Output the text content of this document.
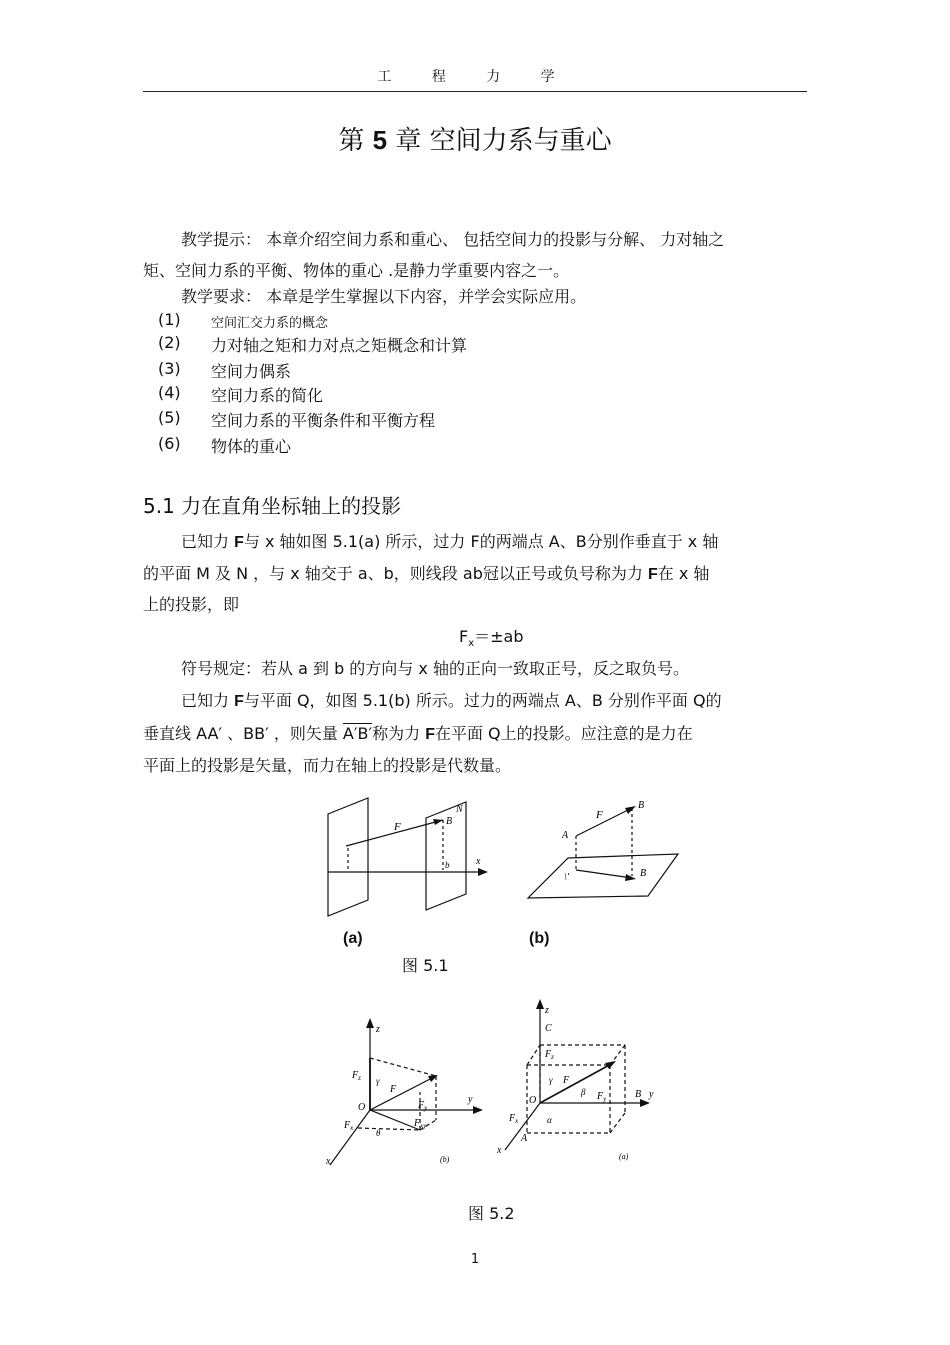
工 程 力 学
第 5 章 空间力系与重心
教学提示： 本章介绍空间力系和重心、 包括空间力的投影与分解、 力对轴之
矩、空间力系的平衡、物体的重心 .是静力学重要内容之一。
教学要求： 本章是学生掌握以下内容，并学会实际应用。
(1) 空间汇交力系的概念
(2) 力对轴之矩和力对点之矩概念和计算
(3) 空间力偶系
(4) 空间力系的简化
(5) 空间力系的平衡条件和平衡方程
(6) 物体的重心
5.1 力在直角坐标轴上的投影
已知力 F与 x 轴如图 5.1(a) 所示，过力 F的两端点 A、B分别作垂直于 x 轴
的平面 M 及 N ，与 x 轴交于 a、b，则线段 ab冠以正号或负号称为力 F在 x 轴
上的投影，即
$F_x=\pm ab$
符号规定：若从 a 到 b 的方向与 x 轴的正向一致取正号，反之取负号。
已知力 F与平面 Q，如图 5.1(b) 所示。过力的两端点 A、B 分别作平面 Q的
垂直线 AA′ 、BB′ ，则矢量 A′B′称为力 F在平面 Q上的投影。应注意的是力在
平面上的投影是矢量，而力在轴上的投影是代数量。
F
N
B
b	x
F
A
B
B
\'
(a)	(b)
图 5.1
z
$F_z$ γ
F
O	$F_y$
y
$F_x$	θ
$F_{xy}$
x	(b)
z
C
$F_z$
γ F
β
O	$F_y$	B y
$F_x$	α
A
x
(a)
图 5.2
1
